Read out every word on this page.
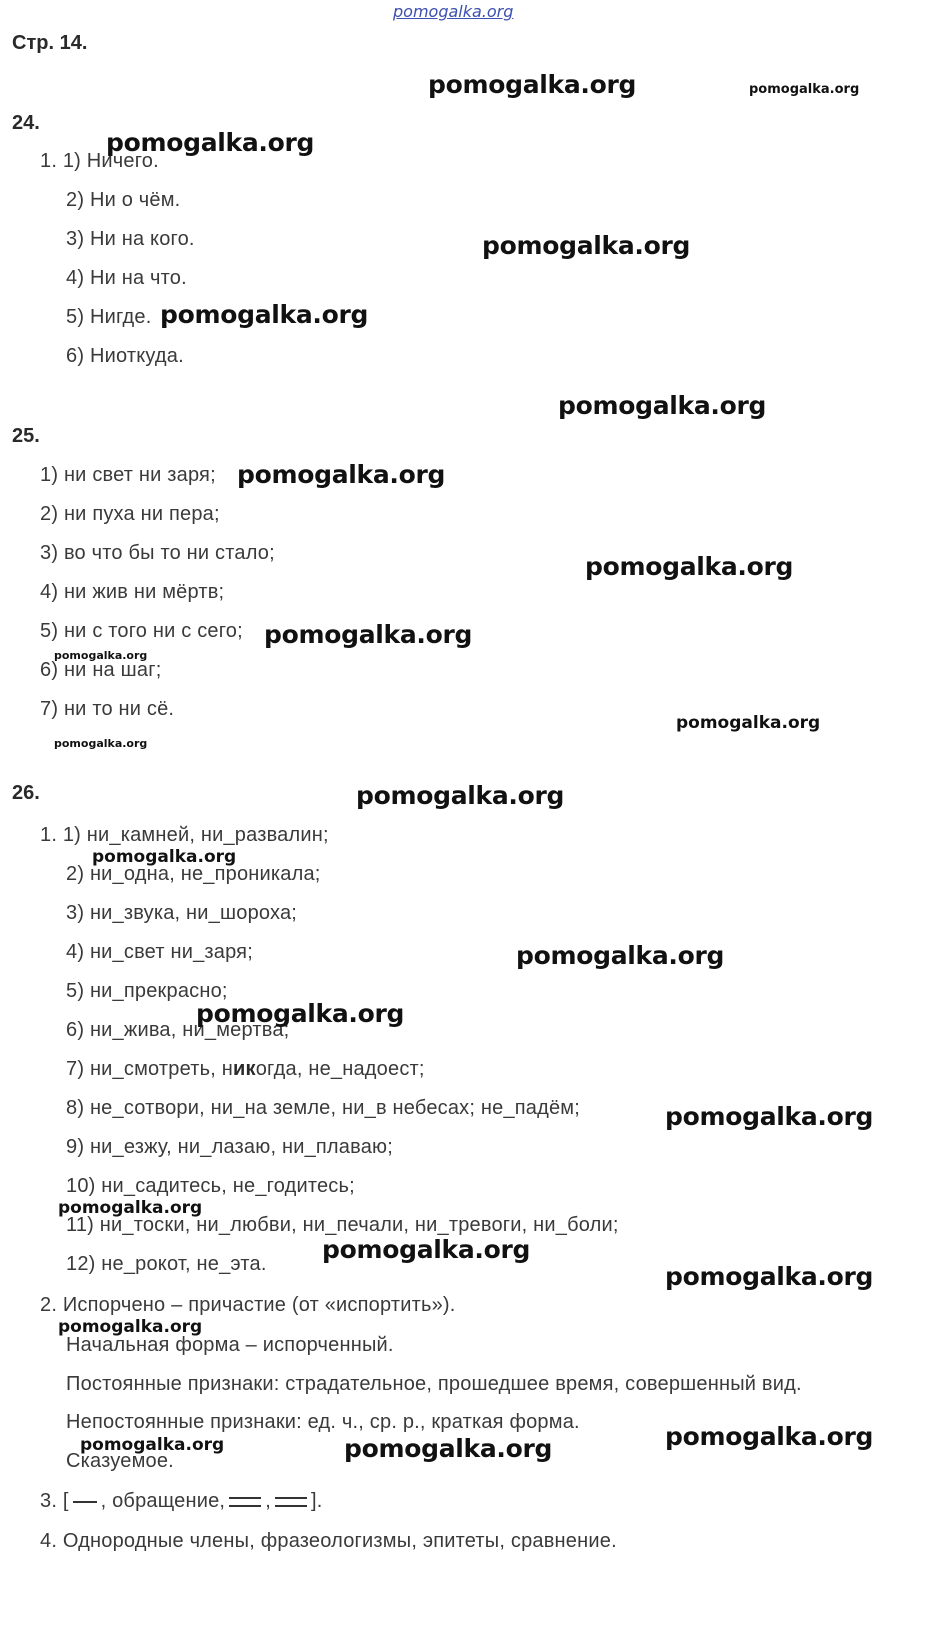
pomogalka.org
Стр. 14.
24.
1. 1) Ничего.
2) Ни о чём.
3) Ни на кого.
4) Ни на что.
5) Нигде.
6) Ниоткуда.
25.
1) ни свет ни заря;
2) ни пуха ни пера;
3) во что бы то ни стало;
4) ни жив ни мёртв;
5) ни с того ни с сего;
6) ни на шаг;
7) ни то ни сё.
26.
1. 1) ни_камней, ни_развалин;
2) ни_одна, не_проникала;
3) ни_звука, ни_шороха;
4) ни_свет ни_заря;
5) ни_прекрасно;
6) ни_жива, ни_мертва;
7) ни_смотреть, никогда, не_надоест;
8) не_сотвори, ни_на земле, ни_в небесах; не_падём;
9) ни_езжу, ни_лазаю, ни_плаваю;
10) ни_садитесь, не_годитесь;
11) ни_тоски, ни_любви, ни_печали, ни_тревоги, ни_боли;
12) не_рокот, не_эта.
2. Испорчено – причастие (от «испортить»).
Начальная форма – испорченный.
Постоянные признаки: страдательное, прошедшее время, совершенный вид.
Непостоянные признаки: ед. ч., ср. р., краткая форма.
Сказуемое.
3. [ , обращение, , ].
4. Однородные члены, фразеологизмы, эпитеты, сравнение.
pomogalka.org	pomogalka.org
pomogalka.org
pomogalka.org
pomogalka.org
pomogalka.org
pomogalka.org
pomogalka.org
pomogalka.org
pomogalka.org
pomogalka.org
pomogalka.org
pomogalka.org
pomogalka.org
pomogalka.org
pomogalka.org
pomogalka.org
pomogalka.org
pomogalka.org
pomogalka.org
pomogalka.org
pomogalka.org
pomogalka.org	pomogalka.org
